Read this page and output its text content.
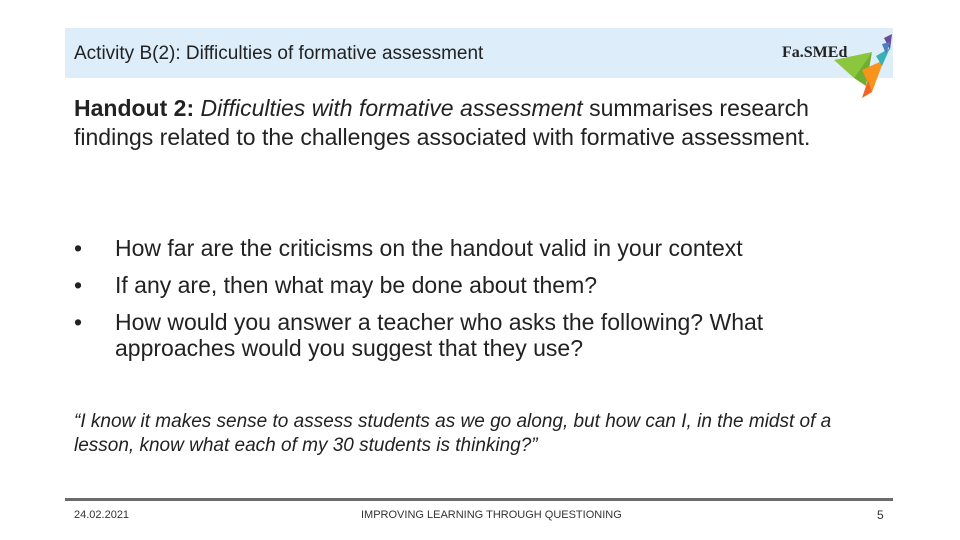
Activity B(2): Difficulties of formative assessment	Fa.SMEd
Handout 2: Difficulties with formative assessment summarises research findings related to the challenges associated with formative assessment.
• How far are the criticisms on the handout valid in your context
• If any are, then what may be done about them?
• How would you answer a teacher who asks the following? What approaches would you suggest that they use?
“I know it makes sense to assess students as we go along, but how can I, in the midst of a lesson, know what each of my 30 students is thinking?”
24.02.2021	IMPROVING LEARNING THROUGH QUESTIONING	5
